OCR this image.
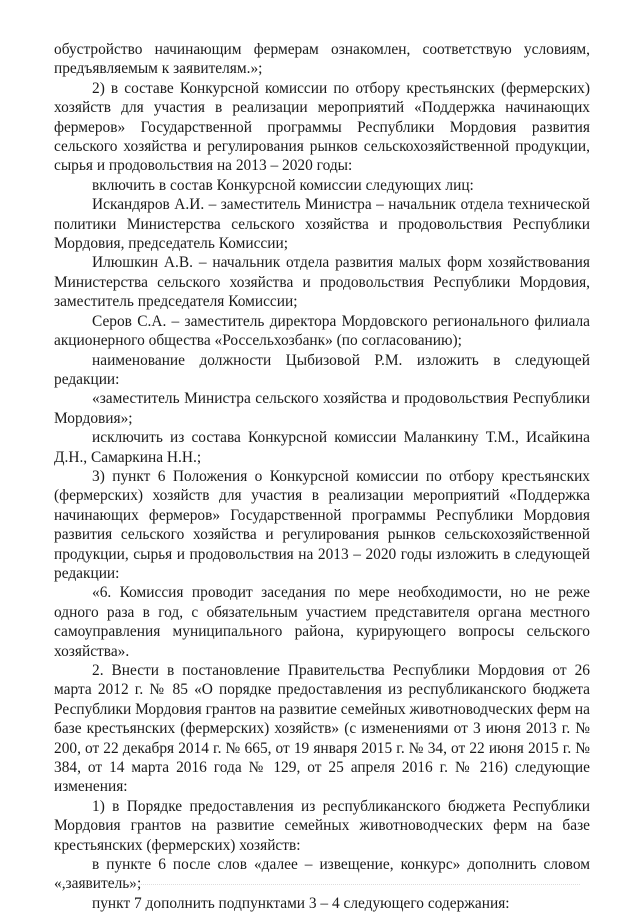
обустройство начинающим фермерам ознакомлен, соответствую условиям, предъявляемым к заявителям.»;

2) в составе Конкурсной комиссии по отбору крестьянских (фермерских) хозяйств для участия в реализации мероприятий «Поддержка начинающих фермеров» Государственной программы Республики Мордовия развития сельского хозяйства и регулирования рынков сельскохозяйственной продукции, сырья и продовольствия на 2013 – 2020 годы:

включить в состав Конкурсной комиссии следующих лиц:

Искандяров А.И. – заместитель Министра – начальник отдела технической политики Министерства сельского хозяйства и продовольствия Республики Мордовия, председатель Комиссии;

Илюшкин А.В. – начальник отдела развития малых форм хозяйствования Министерства сельского хозяйства и продовольствия Республики Мордовия, заместитель председателя Комиссии;

Серов С.А. – заместитель директора Мордовского регионального филиала акционерного общества «Россельхозбанк» (по согласованию);

наименование должности Цыбизовой Р.М. изложить в следующей редакции:

«заместитель Министра сельского хозяйства и продовольствия Республики Мордовия»;

исключить из состава Конкурсной комиссии Маланкину Т.М., Исайкина Д.Н., Самаркина Н.Н.;

3) пункт 6 Положения о Конкурсной комиссии по отбору крестьянских (фермерских) хозяйств для участия в реализации мероприятий «Поддержка начинающих фермеров» Государственной программы Республики Мордовия развития сельского хозяйства и регулирования рынков сельскохозяйственной продукции, сырья и продовольствия на 2013 – 2020 годы изложить в следующей редакции:

«6. Комиссия проводит заседания по мере необходимости, но не реже одного раза в год, с обязательным участием представителя органа местного самоуправления муниципального района, курирующего вопросы сельского хозяйства».

2. Внести в постановление Правительства Республики Мордовия от 26 марта 2012 г. № 85 «О порядке предоставления из республиканского бюджета Республики Мордовия грантов на развитие семейных животноводческих ферм на базе крестьянских (фермерских) хозяйств» (с изменениями от 3 июня 2013 г. № 200, от 22 декабря 2014 г. № 665, от 19 января 2015 г. № 34, от 22 июня 2015 г. № 384, от 14 марта 2016 года № 129, от 25 апреля 2016 г. № 216) следующие изменения:

1) в Порядке предоставления из республиканского бюджета Республики Мордовия грантов на развитие семейных животноводческих ферм на базе крестьянских (фермерских) хозяйств:

в пункте 6 после слов «далее – извещение, конкурс» дополнить словом «,заявитель»;

пункт 7 дополнить подпунктами 3 – 4 следующего содержания:
